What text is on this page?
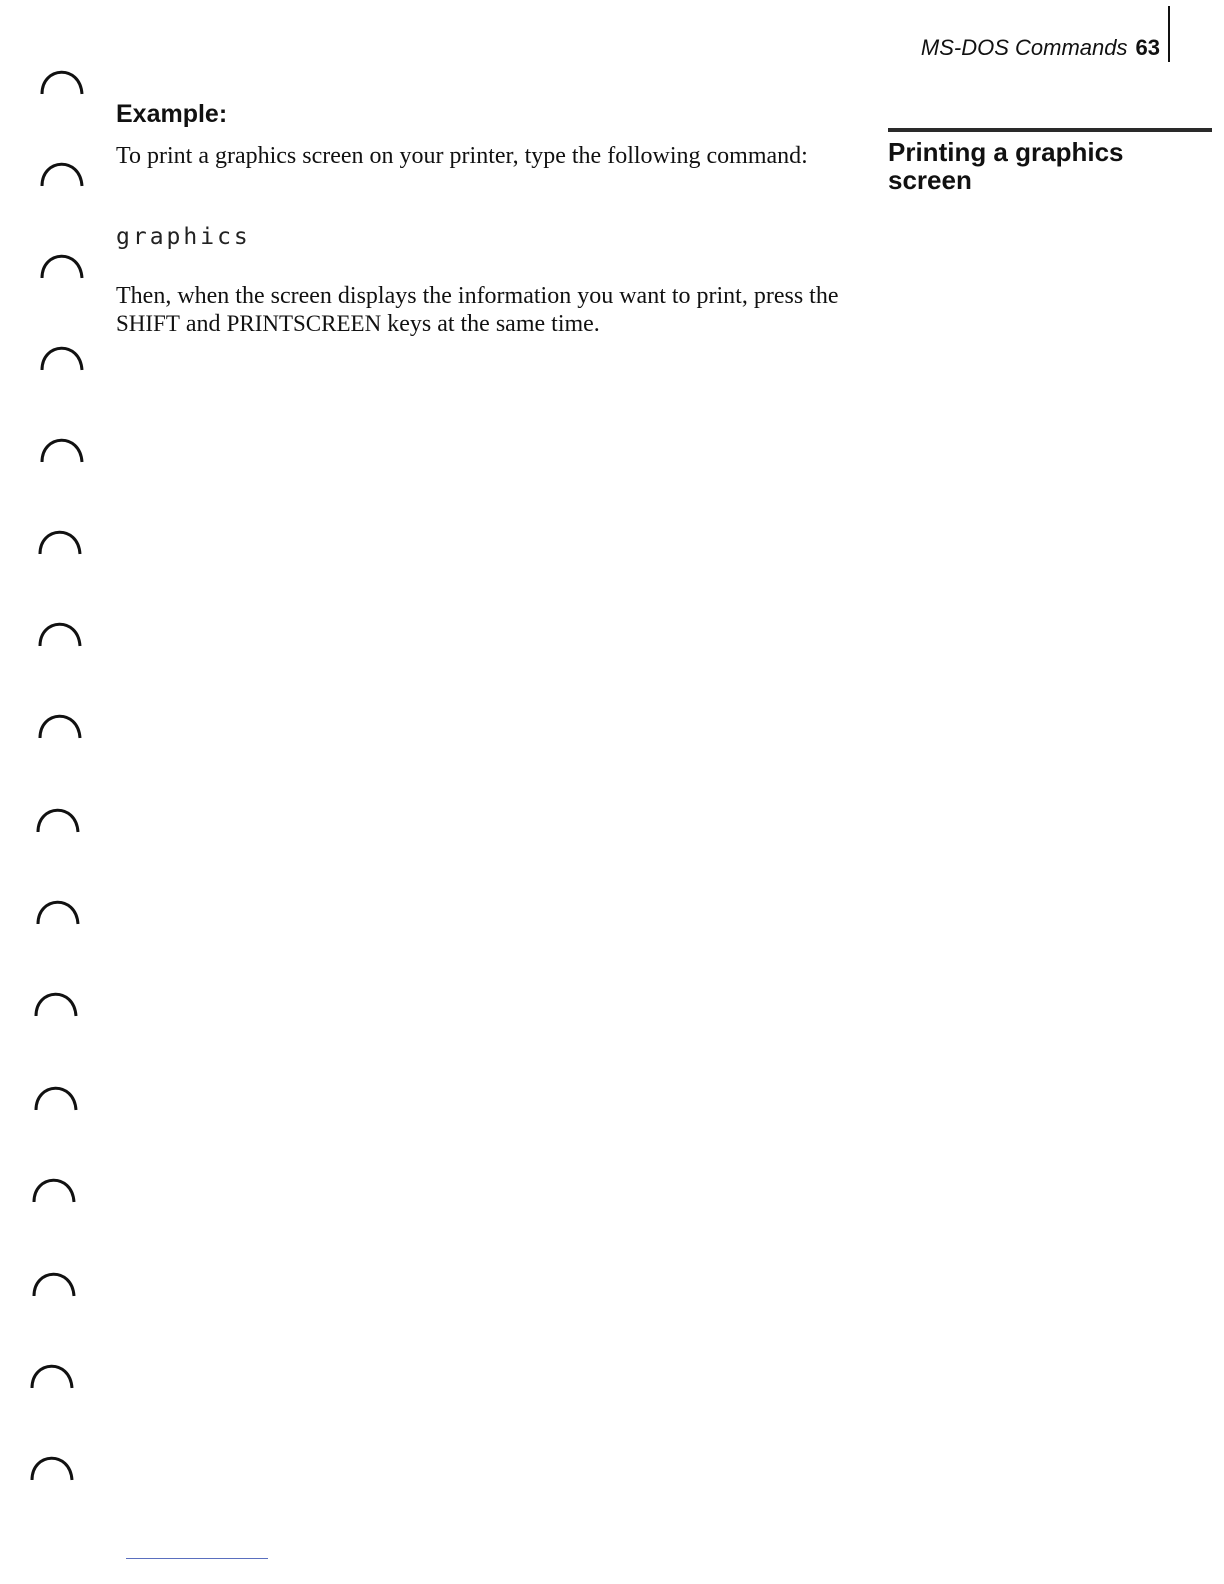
MS-DOS Commands 63
Example:
To print a graphics screen on your printer, type the following command:
graphics
Then, when the screen displays the information you want to print, press the SHIFT and PRINTSCREEN keys at the same time.
Printing a graphics screen
